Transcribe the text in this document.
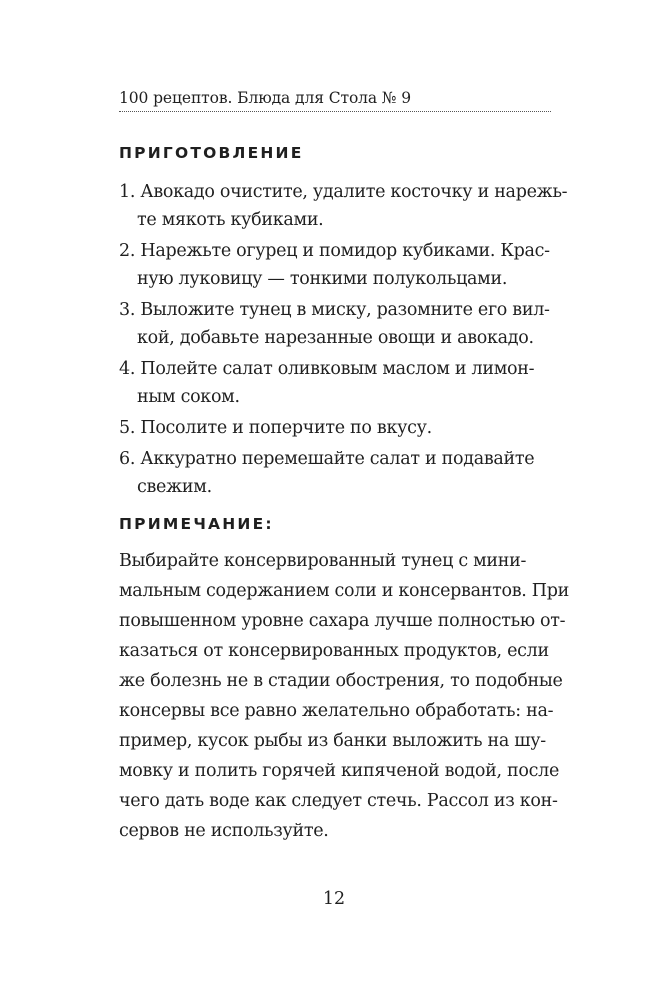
100 рецептов. Блюда для Стола № 9
ПРИГОТОВЛЕНИЕ
1. Авокадо очистите, удалите косточку и нарежь-
те мякоть кубиками.
2. Нарежьте огурец и помидор кубиками. Крас-
ную луковицу — тонкими полукольцами.
3. Выложите тунец в миску, разомните его вил-
кой, добавьте нарезанные овощи и авокадо.
4. Полейте салат оливковым маслом и лимон-
ным соком.
5. Посолите и поперчите по вкусу.
6. Аккуратно перемешайте салат и подавайте
свежим.
ПРИМЕЧАНИЕ:
Выбирайте консервированный тунец с мини-
мальным содержанием соли и консервантов. При
повышенном уровне сахара лучше полностью от-
казаться от консервированных продуктов, если
же болезнь не в стадии обострения, то подобные
консервы все равно желательно обработать: на-
пример, кусок рыбы из банки выложить на шу-
мовку и полить горячей кипяченой водой, после
чего дать воде как следует стечь. Рассол из кон-
сервов не используйте.
12
